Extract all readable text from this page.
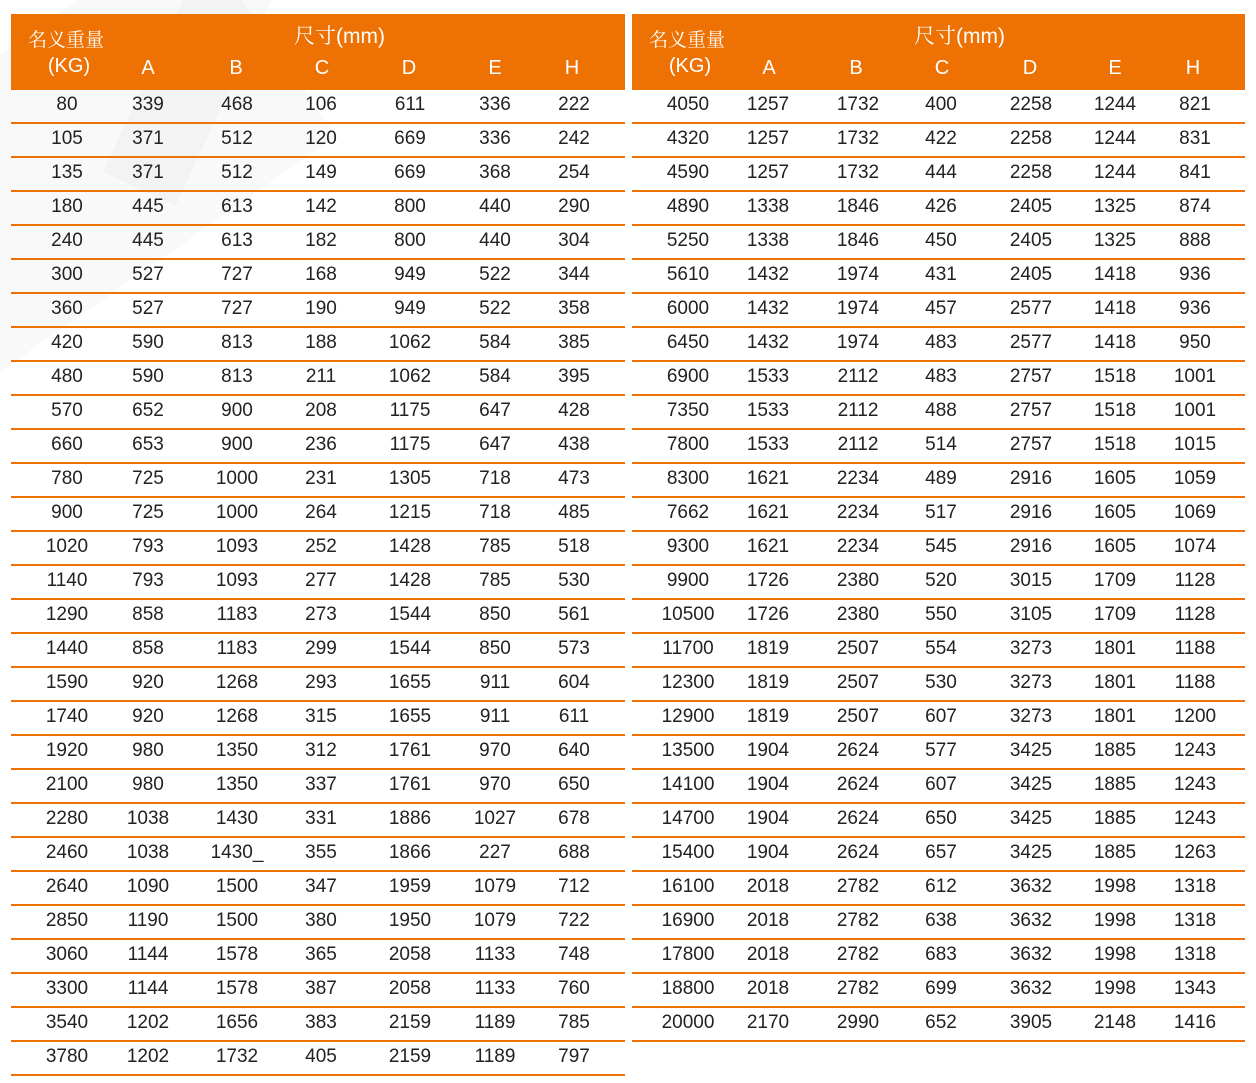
名义重量
(KG)
尺寸(mm)
A	B	C	D	E	H
80	339	468	106	611	336	222
105	371	512	120	669	336	242
135	371	512	149	669	368	254
180	445	613	142	800	440	290
240	445	613	182	800	440	304
300	527	727	168	949	522	344
360	527	727	190	949	522	358
420	590	813	188	1062	584	385
480	590	813	211	1062	584	395
570	652	900	208	1175	647	428
660	653	900	236	1175	647	438
780	725	1000	231	1305	718	473
900	725	1000	264	1215	718	485
1020	793	1093	252	1428	785	518
1140	793	1093	277	1428	785	530
1290	858	1183	273	1544	850	561
1440	858	1183	299	1544	850	573
1590	920	1268	293	1655	911	604
1740	920	1268	315	1655	911	611
1920	980	1350	312	1761	970	640
2100	980	1350	337	1761	970	650
2280	1038	1430	331	1886	1027	678
2460	1038	1430_	355	1866	227	688
2640	1090	1500	347	1959	1079	712
2850	1190	1500	380	1950	1079	722
3060	1144	1578	365	2058	1133	748
3300	1144	1578	387	2058	1133	760
3540	1202	1656	383	2159	1189	785
3780	1202	1732	405	2159	1189	797
名义重量
(KG)
尺寸(mm)
A	B	C	D	E	H
4050	1257	1732	400	2258	1244	821
4320	1257	1732	422	2258	1244	831
4590	1257	1732	444	2258	1244	841
4890	1338	1846	426	2405	1325	874
5250	1338	1846	450	2405	1325	888
5610	1432	1974	431	2405	1418	936
6000	1432	1974	457	2577	1418	936
6450	1432	1974	483	2577	1418	950
6900	1533	2112	483	2757	1518	1001
7350	1533	2112	488	2757	1518	1001
7800	1533	2112	514	2757	1518	1015
8300	1621	2234	489	2916	1605	1059
7662	1621	2234	517	2916	1605	1069
9300	1621	2234	545	2916	1605	1074
9900	1726	2380	520	3015	1709	1128
10500	1726	2380	550	3105	1709	1128
11700	1819	2507	554	3273	1801	1188
12300	1819	2507	530	3273	1801	1188
12900	1819	2507	607	3273	1801	1200
13500	1904	2624	577	3425	1885	1243
14100	1904	2624	607	3425	1885	1243
14700	1904	2624	650	3425	1885	1243
15400	1904	2624	657	3425	1885	1263
16100	2018	2782	612	3632	1998	1318
16900	2018	2782	638	3632	1998	1318
17800	2018	2782	683	3632	1998	1318
18800	2018	2782	699	3632	1998	1343
20000	2170	2990	652	3905	2148	1416
